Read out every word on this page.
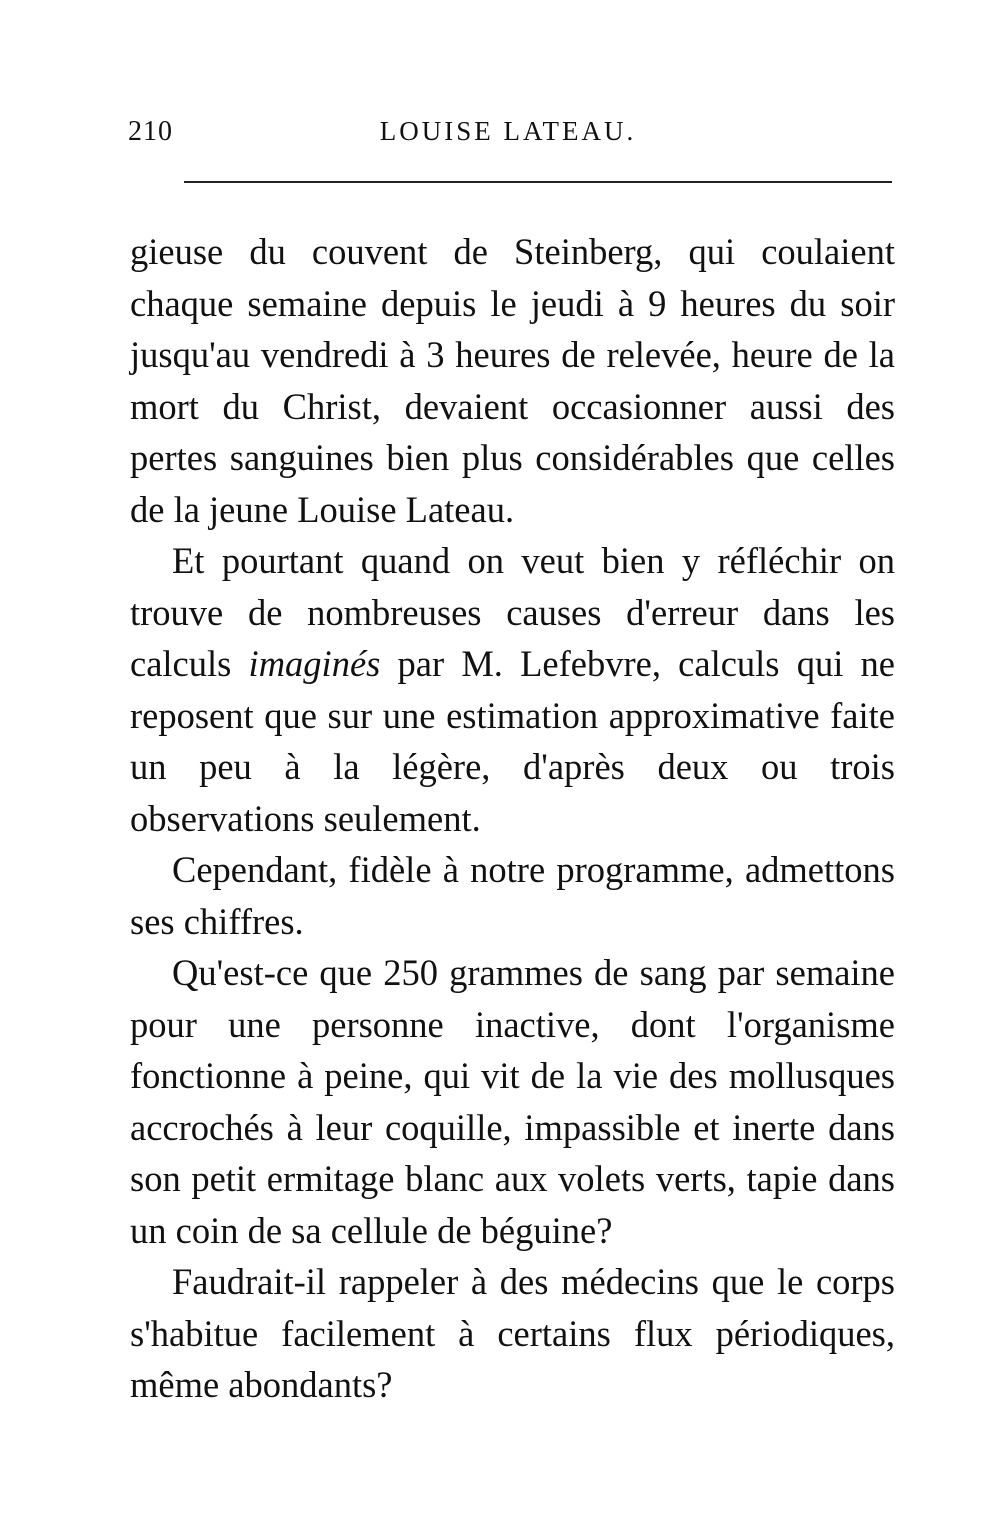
210	LOUISE LATEAU.

gieuse du couvent de Steinberg, qui coulaient chaque semaine depuis le jeudi à 9 heures du soir jusqu'au vendredi à 3 heures de relevée, heure de la mort du Christ, devaient occasionner aussi des pertes sanguines bien plus considérables que celles de la jeune Louise Lateau.

Et pourtant quand on veut bien y réfléchir on trouve de nombreuses causes d'erreur dans les calculs imaginés par M. Lefebvre, calculs qui ne reposent que sur une estimation approximative faite un peu à la légère, d'après deux ou trois observations seulement.

Cependant, fidèle à notre programme, admettons ses chiffres.

Qu'est-ce que 250 grammes de sang par semaine pour une personne inactive, dont l'organisme fonctionne à peine, qui vit de la vie des mollusques accrochés à leur coquille, impassible et inerte dans son petit ermitage blanc aux volets verts, tapie dans un coin de sa cellule de béguine?

Faudrait-il rappeler à des médecins que le corps s'habitue facilement à certains flux périodiques, même abondants?
